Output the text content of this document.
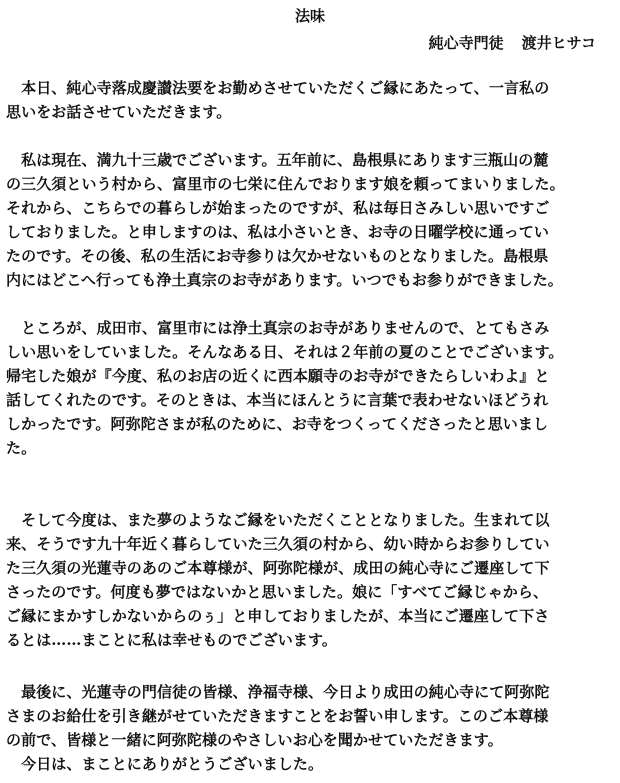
法味
純心寺門徒 渡井ヒサコ
　本日、純心寺落成慶讃法要をお勤めさせていただくご縁にあたって、一言私の
思いをお話させていただきます。
　私は現在、満九十三歳でございます。五年前に、島根県にあります三瓶山の麓
の三久須という村から、富里市の七栄に住んでおります娘を頼ってまいりました。
それから、こちらでの暮らしが始まったのですが、私は毎日さみしい思いですご
しておりました。と申しますのは、私は小さいとき、お寺の日曜学校に通ってい
たのです。その後、私の生活にお寺参りは欠かせないものとなりました。島根県
内にはどこへ行っても浄土真宗のお寺があります。いつでもお参りができました。
　ところが、成田市、富里市には浄土真宗のお寺がありませんので、とてもさみ
しい思いをしていました。そんなある日、それは２年前の夏のことでございます。
帰宅した娘が『今度、私のお店の近くに西本願寺のお寺ができたらしいわよ』と
話してくれたのです。そのときは、本当にほんとうに言葉で表わせないほどうれ
しかったです。阿弥陀さまが私のために、お寺をつくってくださったと思いまし
た。
　そして今度は、また夢のようなご縁をいただくこととなりました。生まれて以
来、そうです九十年近く暮らしていた三久須の村から、幼い時からお参りしてい
た三久須の光蓮寺のあのご本尊様が、阿弥陀様が、成田の純心寺にご遷座して下
さったのです。何度も夢ではないかと思いました。娘に「すべてご縁じゃから、
ご縁にまかすしかないからのぅ」と申しておりましたが、本当にご遷座して下さ
るとは……まことに私は幸せものでございます。
　最後に、光蓮寺の門信徒の皆様、浄福寺様、今日より成田の純心寺にて阿弥陀
さまのお給仕を引き継がせていただきますことをお誓い申します。このご本尊様
の前で、皆様と一緒に阿弥陀様のやさしいお心を聞かせていただきます。
　今日は、まことにありがとうございました。
